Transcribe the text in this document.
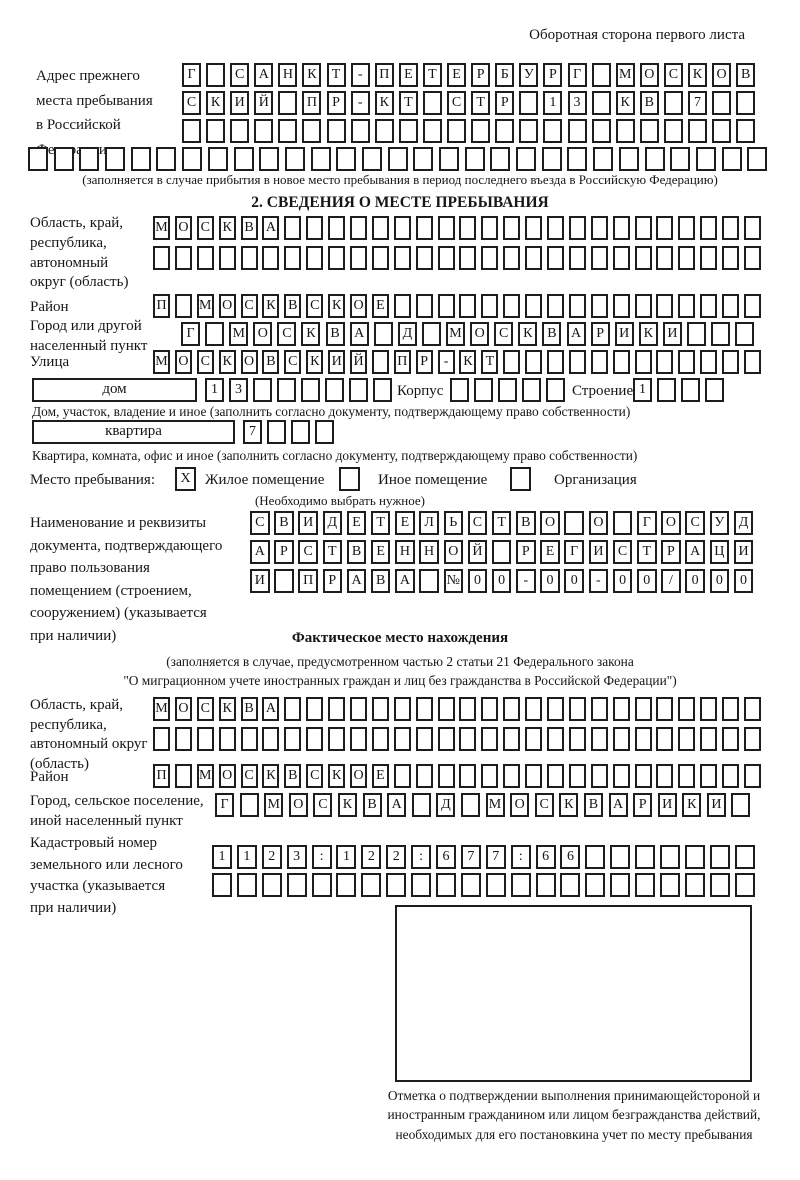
Оборотная сторона первого листа
Адрес прежнего
места пребывания
в Российской
Г	С	А Н	К	Т	-	П	Е	Т	Е	Р	Б	У	Р	Г	М О	С	К	О	В
С	К	И Й	П	Р	-	К	Т	С	Т	Р	1	3	К	В	7
(заполняется в случае прибытия в новое место пребывания в период последнего въезда в Российскую Федерацию)
2. СВЕДЕНИЯ О МЕСТЕ ПРЕБЫВАНИЯ
Область, край,
республика,
автономный
округ (область)
М О С К В А
Район	П М О С К В С К О Е
Город или другой
населенный пункт
Г	М О	С	К	В	А	Д	М О	С	К	В	А	Р	И	К	И
Улица	М О С К О В С К И Й П Р	-	К Т
дом	1	3	Корпус	Строение 1
Дом, участок, владение и иное (заполнить согласно документу, подтверждающему право собственности)
квартира	7
Квартира, комната, офис и иное (заполнить согласно документу, подтверждающему право собственности)
Место пребывания:	X Жилое помещение	Иное помещение	Организация
(Необходимо выбрать нужное)
Наименование и реквизиты
документа, подтверждающего
право пользования
помещением (строением,
сооружением) (указывается
при наличии)
С	В	И	Д	Е	Т	Е	Л	Ь	С	Т	В	О	О	Г	О	С	У	Д
А	Р	С	Т	В	Е	Н	Н	О	Й	Р	Е	Г	И	С	Т	Р	А	Ц	И
И	П	Р	А	В	А	№	0	0	-	0	0	-	0	0	/	0	0	0
Фактическое место нахождения
(заполняется в случае, предусмотренном частью 2 статьи 21 Федерального закона
"О миграционном учете иностранных граждан и лиц без гражданства в Российской Федерации")
Область, край,
республика,
автономный округ
(область)
М О С К В А
Район	П М О С К В С К О Е
Город, сельское поселение,
иной населенный пункт
Г	М О	С	К	В	А	Д	М О	С	К	В	А	Р	И	К	И
Кадастровый номер
земельного или лесного
участка (указывается
при наличии)
1	1	2	3	:	1	2	2	:	6	7	7	:	6	6
Отметка о подтверждении выполнения принимающейстороной и иностранным гражданином или лицом безгражданства действий, необходимых для его постановкина учет по месту пребывания
